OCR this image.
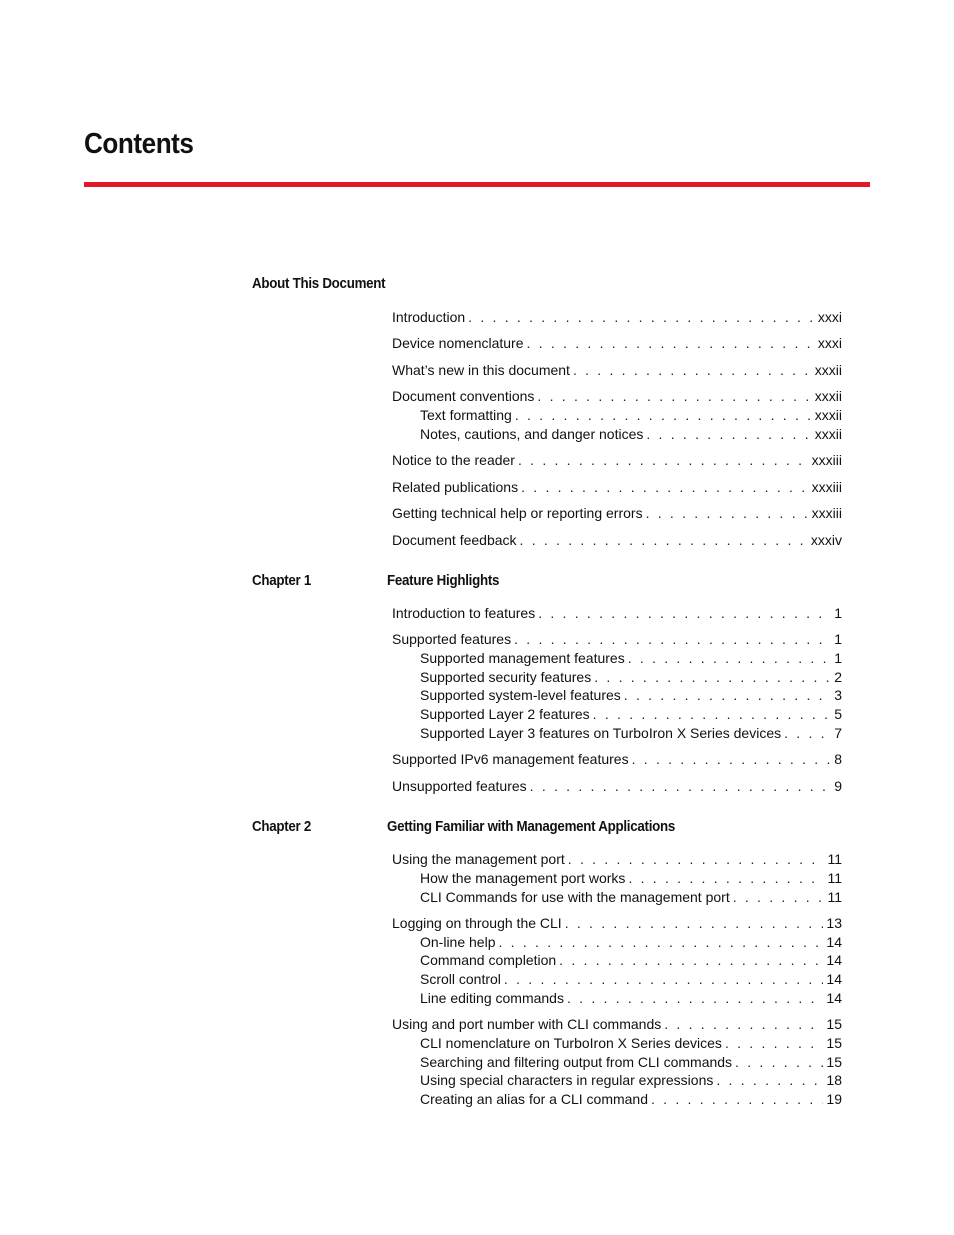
Contents
About This Document
Introduction . . .	xxxi
Device nomenclature . . .	xxxi
What’s new in this document . . .	xxxii
Document conventions . . .	xxxii
Text formatting . . .	xxxii
Notes, cautions, and danger notices . . .	xxxii
Notice to the reader . . .	xxxiii
Related publications . . .	xxxiii
Getting technical help or reporting errors . . .	xxxiii
Document feedback . . .	xxxiv
Chapter 1	Feature Highlights
Introduction to features . . .	1
Supported features . . .	1
Supported management features . . .	1
Supported security features . . .	2
Supported system-level features . . .	3
Supported Layer 2 features . . .	5
Supported Layer 3 features on TurboIron X Series devices . . .	7
Supported IPv6 management features . . .	8
Unsupported features . . .	9
Chapter 2	Getting Familiar with Management Applications
Using the management port . . .	11
How the management port works . . .	11
CLI Commands for use with the management port . . .	11
Logging on through the CLI . . .	13
On-line help . . .	14
Command completion . . .	14
Scroll control . . .	14
Line editing commands . . .	14
Using and port number with CLI commands . . .	15
CLI nomenclature on TurboIron X Series devices . . .	15
Searching and filtering output from CLI commands . . .	15
Using special characters in regular expressions . . .	18
Creating an alias for a CLI command . . .	19
